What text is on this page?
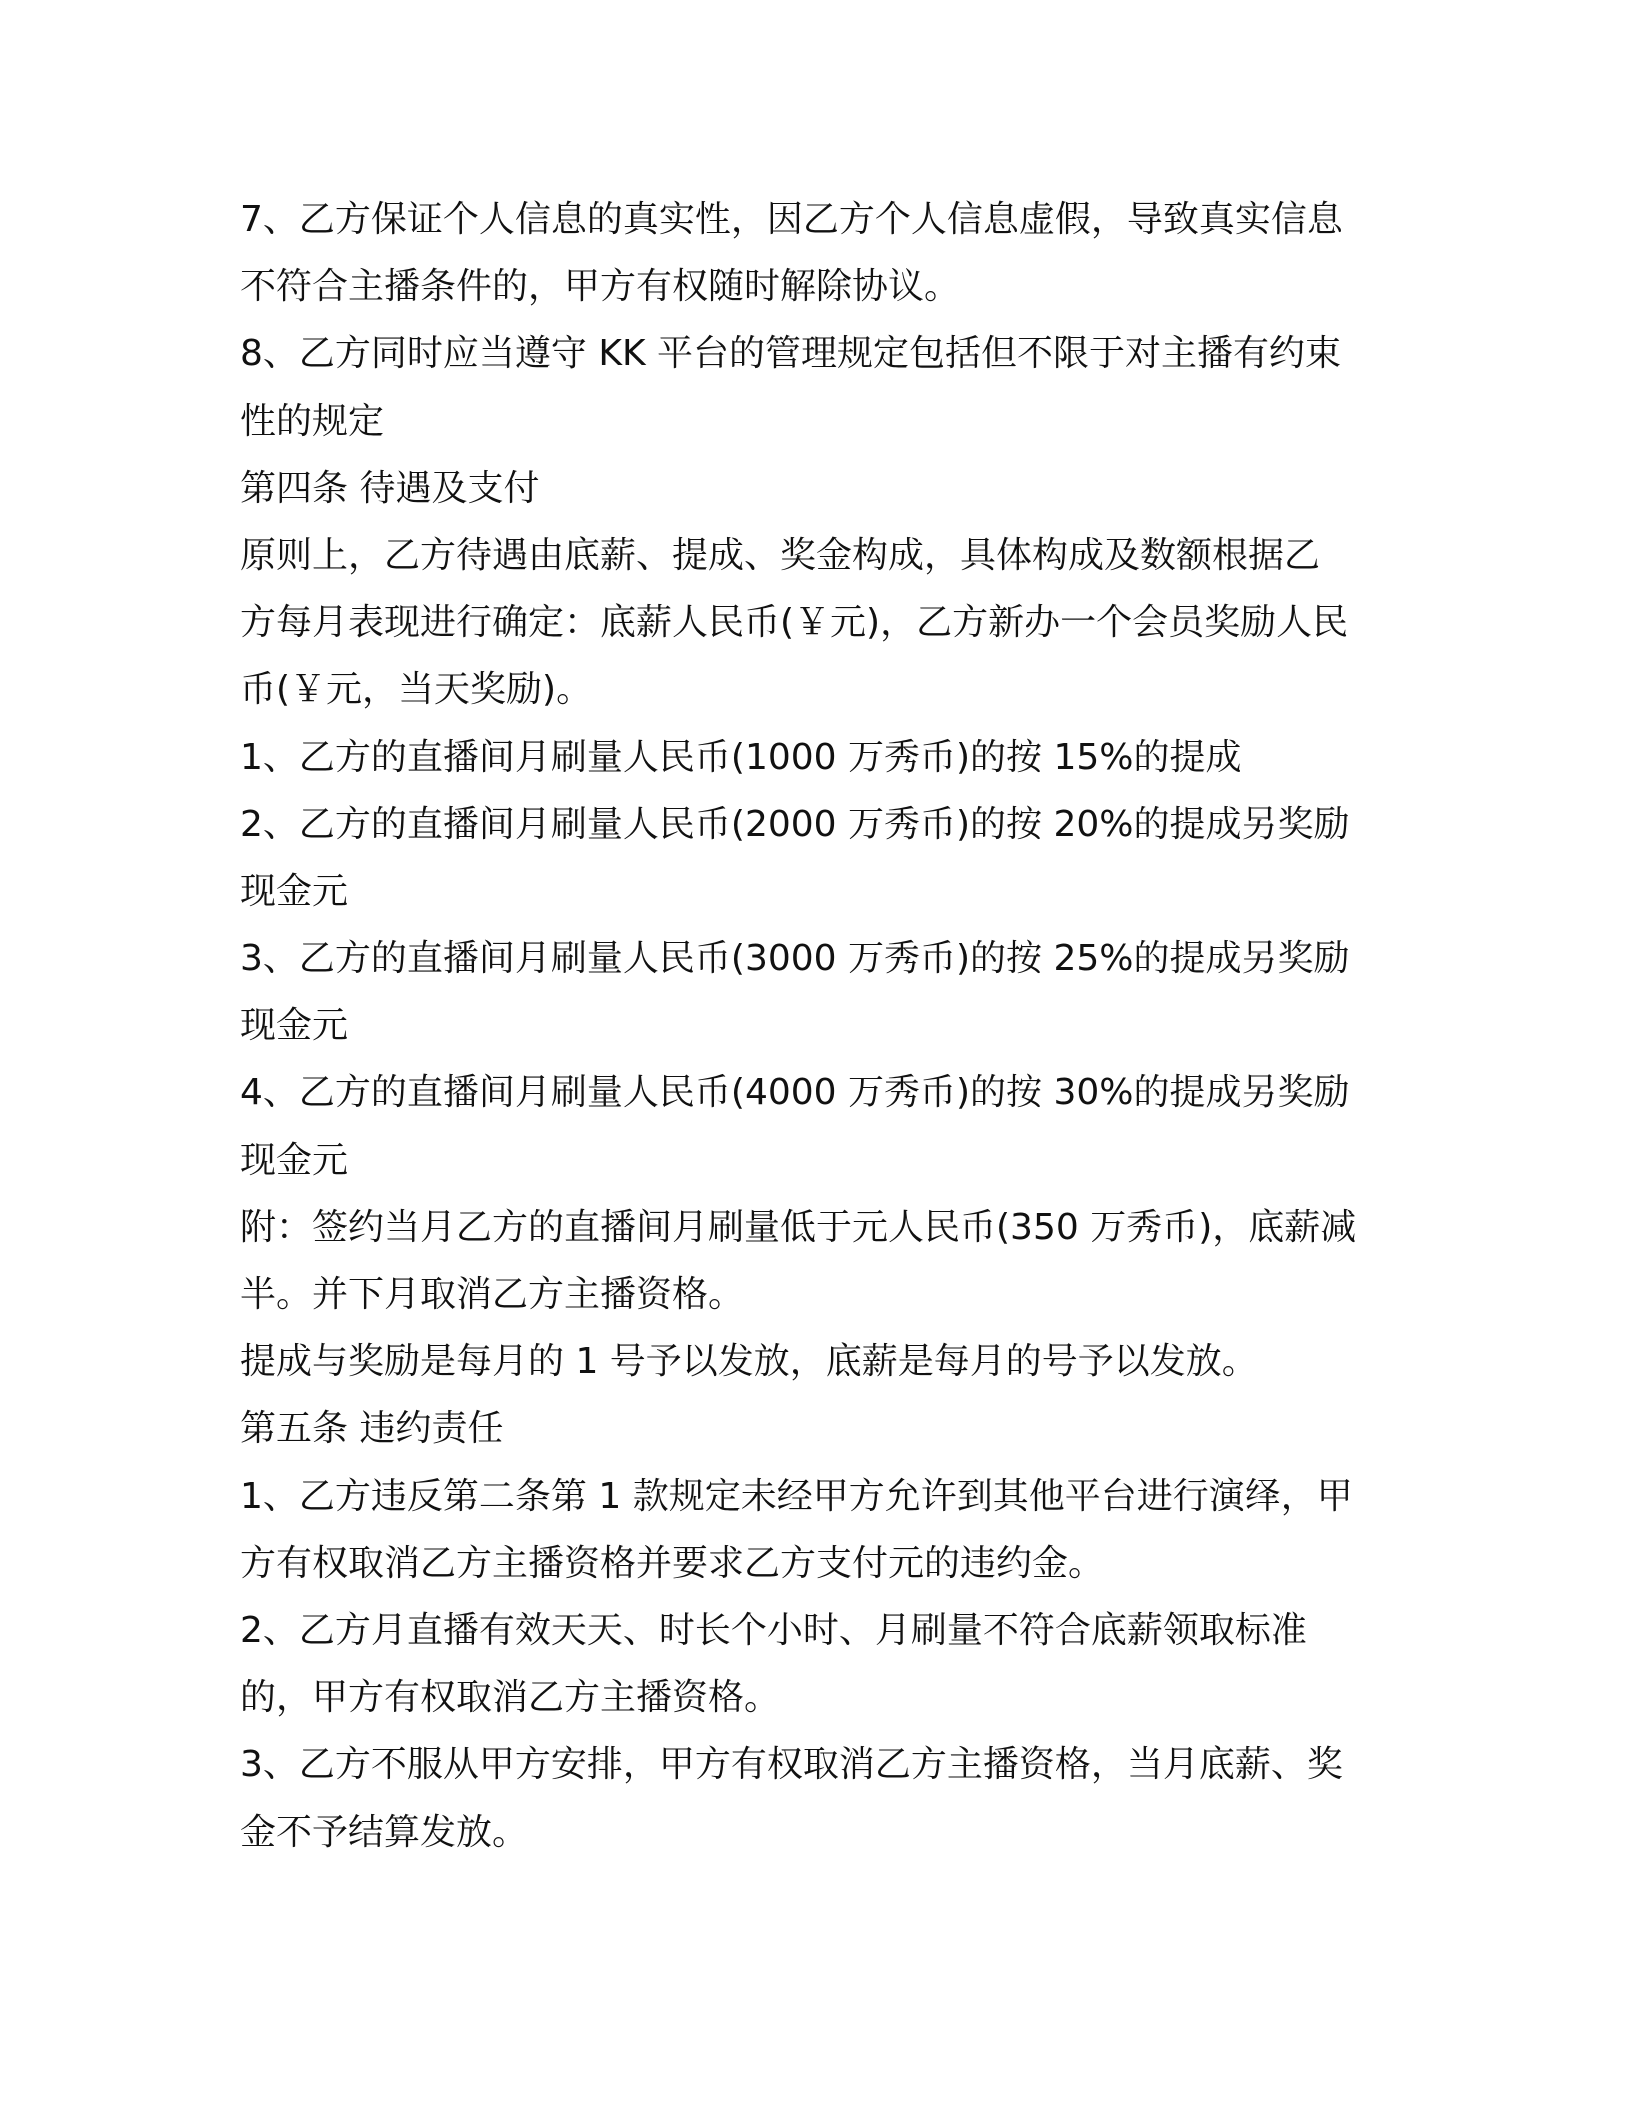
7、乙方保证个人信息的真实性，因乙方个人信息虚假，导致真实信息
不符合主播条件的，甲方有权随时解除协议。
8、乙方同时应当遵守 KK 平台的管理规定包括但不限于对主播有约束
性的规定
第四条 待遇及支付
原则上，乙方待遇由底薪、提成、奖金构成，具体构成及数额根据乙
方每月表现进行确定：底薪人民币(￥元)，乙方新办一个会员奖励人民
币(￥元，当天奖励)。
1、乙方的直播间月刷量人民币(1000 万秀币)的按 15%的提成
2、乙方的直播间月刷量人民币(2000 万秀币)的按 20%的提成另奖励
现金元
3、乙方的直播间月刷量人民币(3000 万秀币)的按 25%的提成另奖励
现金元
4、乙方的直播间月刷量人民币(4000 万秀币)的按 30%的提成另奖励
现金元
附：签约当月乙方的直播间月刷量低于元人民币(350 万秀币)，底薪减
半。并下月取消乙方主播资格。
提成与奖励是每月的 1 号予以发放，底薪是每月的号予以发放。
第五条 违约责任
1、乙方违反第二条第 1 款规定未经甲方允许到其他平台进行演绎，甲
方有权取消乙方主播资格并要求乙方支付元的违约金。
2、乙方月直播有效天天、时长个小时、月刷量不符合底薪领取标准
的，甲方有权取消乙方主播资格。
3、乙方不服从甲方安排，甲方有权取消乙方主播资格，当月底薪、奖
金不予结算发放。
